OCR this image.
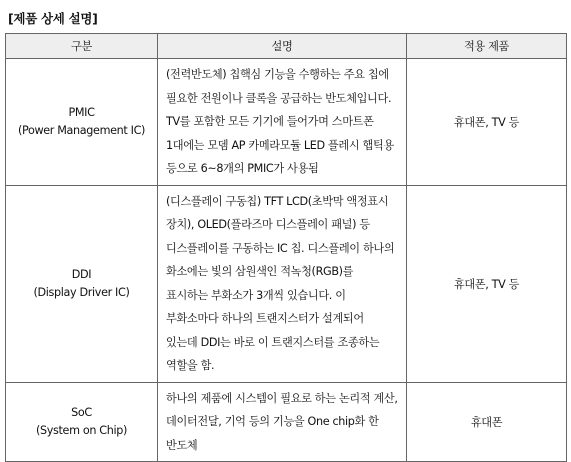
[제품 상세 설명]
구분	설명	적용 제품

PMIC
(Power Management IC)	(전력반도체) 칩핵심 기능을 수행하는 주요 칩에 필요한 전원이나 클록을 공급하는 반도체입니다. TV를 포함한 모든 기기에 들어가며 스마트폰 1대에는 모뎀 AP 카메라모듈 LED 플레시 햅틱용 등으로 6~8개의 PMIC가 사용됨	휴대폰, TV 등

DDI
(Display Driver IC)	(디스플레이 구동칩) TFT LCD(초박막 액정표시 장치), OLED(플라즈마 디스플레이 패널) 등 디스플레이를 구동하는 IC 칩. 디스플레이 하나의 화소에는 빛의 삼원색인 적녹청(RGB)를 표시하는 부화소가 3개씩 있습니다. 이 부화소마다 하나의 트랜지스터가 설계되어 있는데 DDI는 바로 이 트랜지스터를 조종하는 역할을 함.	휴대폰, TV 등

SoC
(System on Chip)	하나의 제품에 시스템이 필요로 하는 논리적 계산, 데이터전달, 기억 등의 기능을 One chip화 한 반도체	휴대폰
